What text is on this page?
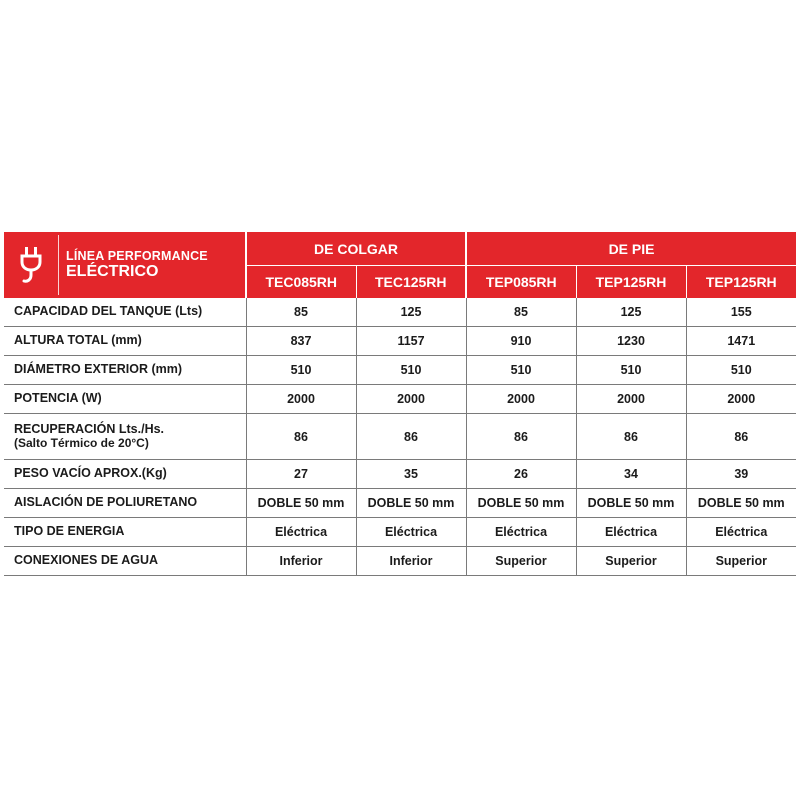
LÍNEA PERFORMANCE
ELÉCTRICO	DE COLGAR		DE PIE		
	TEC085RH	TEC125RH	TEP085RH	TEP125RH	TEP125RH
CAPACIDAD DEL TANQUE (Lts)	85	125	85	125	155
ALTURA TOTAL (mm)	837	1157	910	1230	1471
DIÁMETRO EXTERIOR (mm)	510	510	510	510	510
POTENCIA (W)	2000	2000	2000	2000	2000
RECUPERACIÓN Lts./Hs.
(Salto Térmico de 20°C)	86	86	86	86	86
PESO VACÍO APROX.(Kg)	27	35	26	34	39
AISLACIÓN DE POLIURETANO	DOBLE 50 mm	DOBLE 50 mm	DOBLE 50 mm	DOBLE 50 mm	DOBLE 50 mm
TIPO DE ENERGIA	Eléctrica	Eléctrica	Eléctrica	Eléctrica	Eléctrica
CONEXIONES DE AGUA	Inferior	Inferior	Superior	Superior	Superior
